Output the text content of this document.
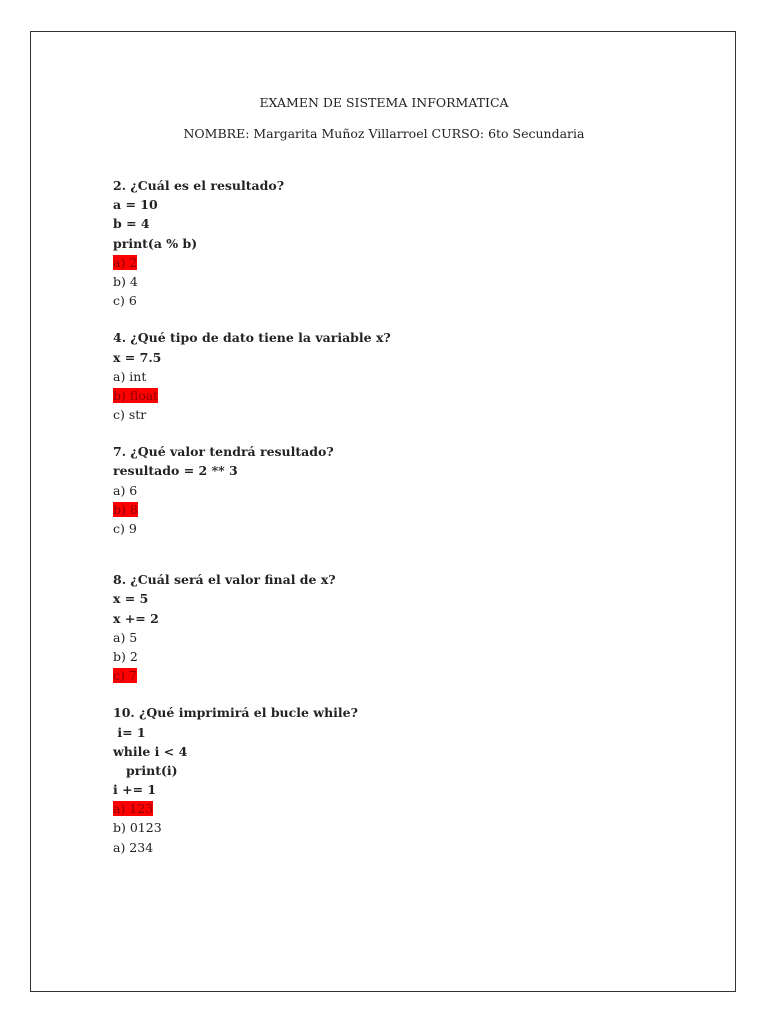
EXAMEN DE SISTEMA INFORMATICA
NOMBRE: Margarita Muñoz Villarroel CURSO: 6to Secundaria
2. ¿Cuál es el resultado?
a = 10
b = 4
print(a % b)
a) 2
b) 4
c) 6
4. ¿Qué tipo de dato tiene la variable x?
x = 7.5
a) int
b) float
c) str
7. ¿Qué valor tendrá resultado?
resultado = 2 ** 3
a) 6
b) 8
c) 9
8. ¿Cuál será el valor final de x?
x = 5
x += 2
a) 5
b) 2
c) 7
10. ¿Qué imprimirá el bucle while?
i= 1
while i < 4
print(i)
i += 1
a) 123
b) 0123
a) 234
